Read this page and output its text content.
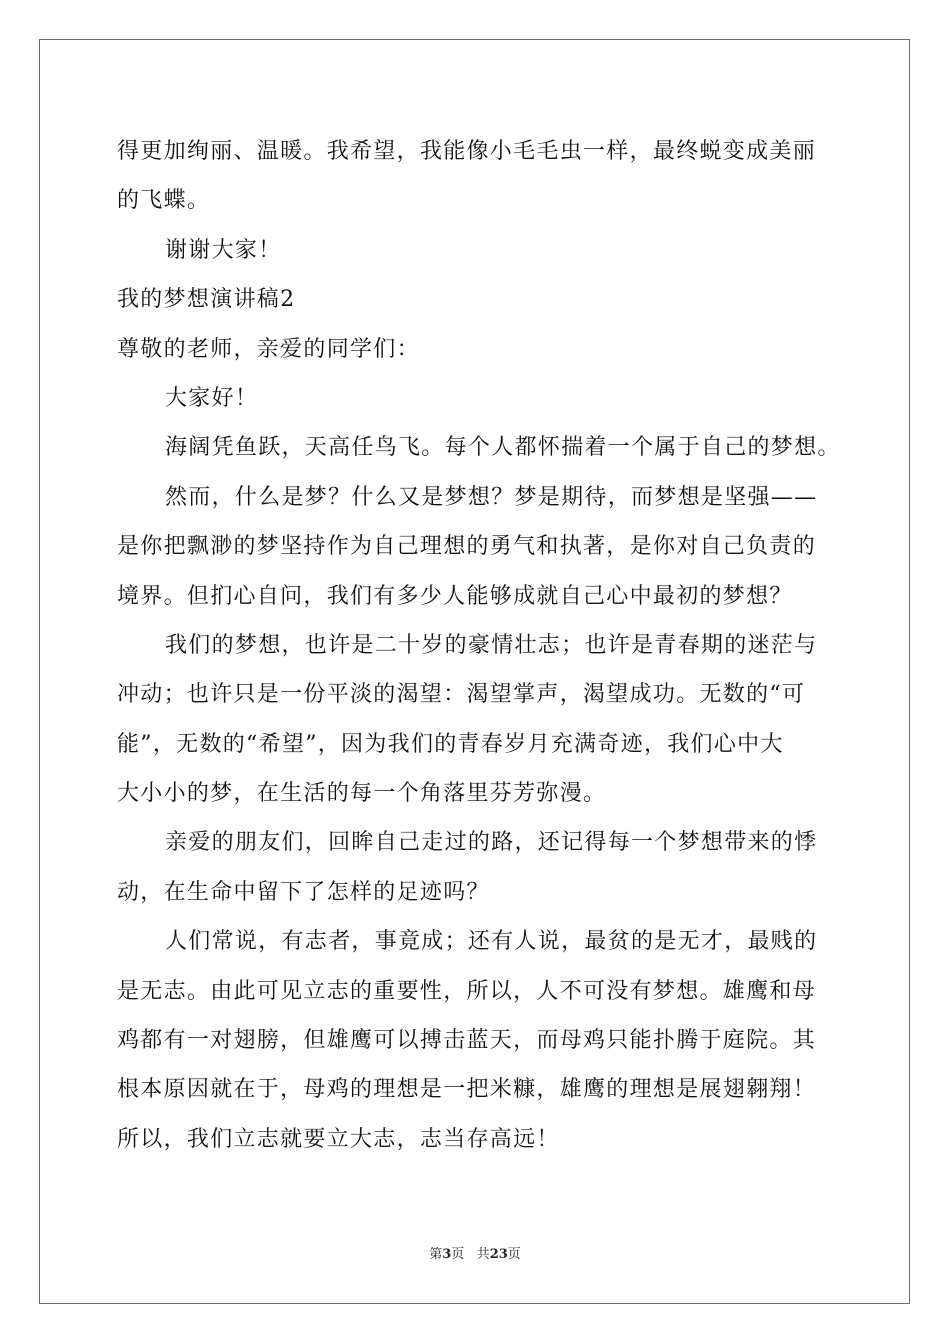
得更加绚丽、温暖。我希望，我能像小毛毛虫一样，最终蜕变成美丽
的飞蝶。
谢谢大家！
我的梦想演讲稿2
尊敬的老师，亲爱的同学们：
大家好！
海阔凭鱼跃，天高任鸟飞。每个人都怀揣着一个属于自己的梦想。
然而，什么是梦？什么又是梦想？梦是期待，而梦想是坚强——
是你把飘渺的梦坚持作为自己理想的勇气和执著，是你对自己负责的
境界。但扪心自问，我们有多少人能够成就自己心中最初的梦想？
我们的梦想，也许是二十岁的豪情壮志；也许是青春期的迷茫与
冲动；也许只是一份平淡的渴望：渴望掌声，渴望成功。无数的“可
能”，无数的“希望”，因为我们的青春岁月充满奇迹，我们心中大
大小小的梦，在生活的每一个角落里芬芳弥漫。
亲爱的朋友们，回眸自己走过的路，还记得每一个梦想带来的悸
动，在生命中留下了怎样的足迹吗？
人们常说，有志者，事竟成；还有人说，最贫的是无才，最贱的
是无志。由此可见立志的重要性，所以，人不可没有梦想。雄鹰和母
鸡都有一对翅膀，但雄鹰可以搏击蓝天，而母鸡只能扑腾于庭院。其
根本原因就在于，母鸡的理想是一把米糠，雄鹰的理想是展翅翱翔！
所以，我们立志就要立大志，志当存高远！
第3页 共23页
